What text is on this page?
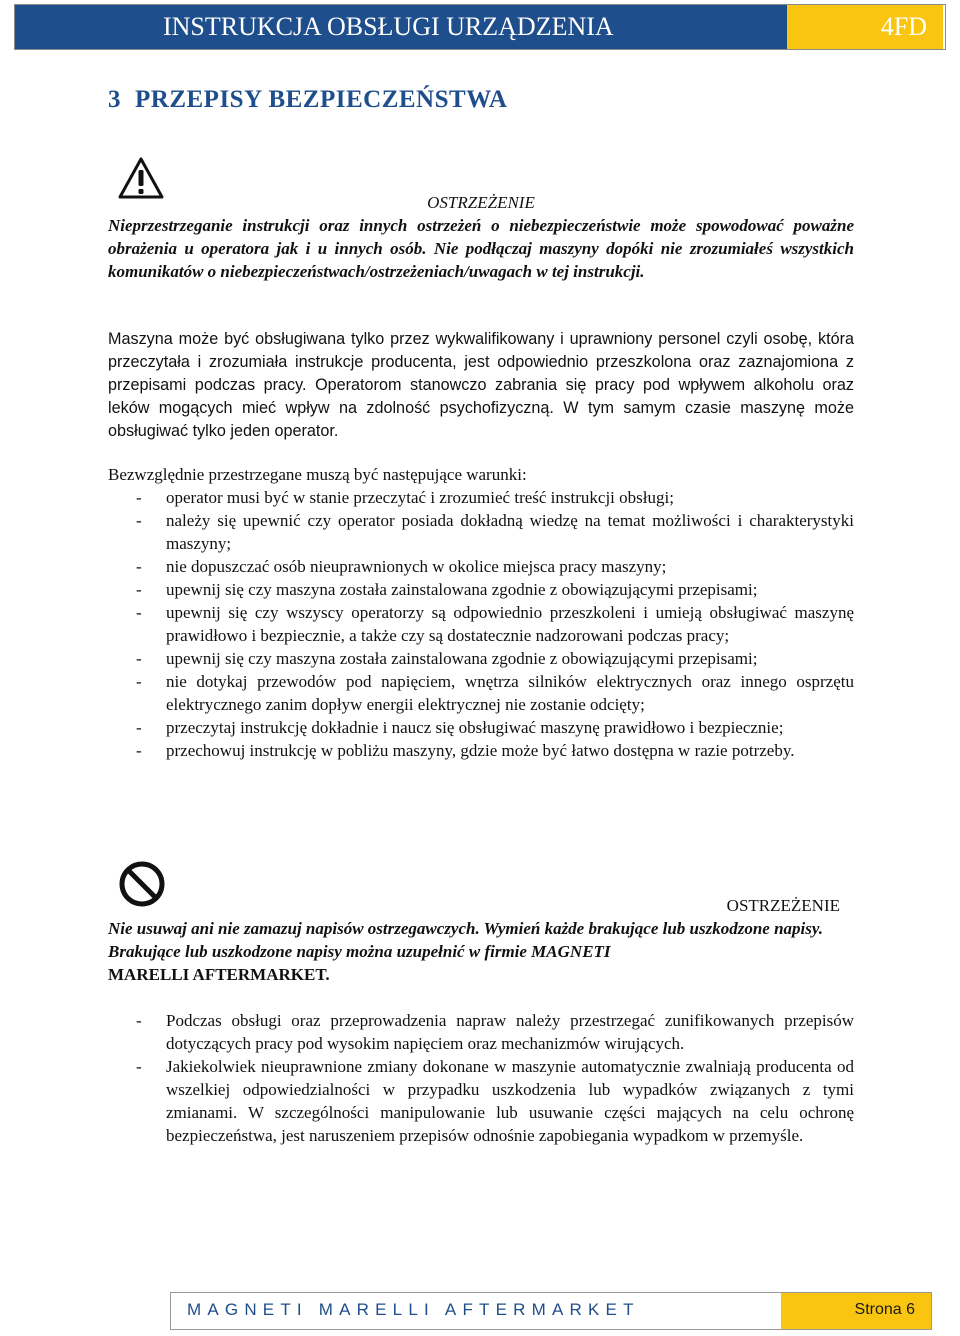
INSTRUKCJA OBSŁUGI URZĄDZENIA	4FD
3 PRZEPISY BEZPIECZEŃSTWA
OSTRZEŻENIE

Nieprzestrzeganie instrukcji oraz innych ostrzeżeń o niebezpieczeństwie może spowodować poważne obrażenia u operatora jak i u innych osób. Nie podłączaj maszyny dopóki nie zrozumiałeś wszystkich komunikatów o niebezpieczeństwach/ostrzeżeniach/uwagach w tej instrukcji.

Maszyna może być obsługiwana tylko przez wykwalifikowany i uprawniony personel czyli osobę, która przeczytała i zrozumiała instrukcje producenta, jest odpowiednio przeszkolona oraz zaznajomiona z przepisami podczas pracy. Operatorom stanowczo zabrania się pracy pod wpływem alkoholu oraz leków mogących mieć wpływ na zdolność psychofizyczną. W tym samym czasie maszynę może obsługiwać tylko jeden operator.

Bezwzględnie przestrzegane muszą być następujące warunki:
- operator musi być w stanie przeczytać i zrozumieć treść instrukcji obsługi;
- należy się upewnić czy operator posiada dokładną wiedzę na temat możliwości i charakterystyki maszyny;
- nie dopuszczać osób nieuprawnionych w okolice miejsca pracy maszyny;
- upewnij się czy maszyna została zainstalowana zgodnie z obowiązującymi przepisami;
- upewnij się czy wszyscy operatorzy są odpowiednio przeszkoleni i umieją obsługiwać maszynę prawidłowo i bezpiecznie, a także czy są dostatecznie nadzorowani podczas pracy;
- upewnij się czy maszyna została zainstalowana zgodnie z obowiązującymi przepisami;
- nie dotykaj przewodów pod napięciem, wnętrza silników elektrycznych oraz innego osprzętu elektrycznego zanim dopływ energii elektrycznej nie zostanie odcięty;
- przeczytaj instrukcję dokładnie i naucz się obsługiwać maszynę prawidłowo i bezpiecznie;
- przechowuj instrukcję w pobliżu maszyny, gdzie może być łatwo dostępna w razie potrzeby.
OSTRZEŻENIE

Nie usuwaj ani nie zamazuj napisów ostrzegawczych. Wymień każde brakujące lub uszkodzone napisy.

Brakujące lub uszkodzone napisy można uzupełnić w firmie MAGNETI

MARELLI AFTERMARKET.

- Podczas obsługi oraz przeprowadzenia napraw należy przestrzegać zunifikowanych przepisów dotyczących pracy pod wysokim napięciem oraz mechanizmów wirujących.
- Jakiekolwiek nieuprawnione zmiany dokonane w maszynie automatycznie zwalniają producenta od wszelkiej odpowiedzialności w przypadku uszkodzenia lub wypadków związanych z tymi zmianami. W szczególności manipulowanie lub usuwanie części mających na celu ochronę bezpieczeństwa, jest naruszeniem przepisów odnośnie zapobiegania wypadkom w przemyśle.
MAGNETI MARELLI AFTERMARKET	Strona 6
